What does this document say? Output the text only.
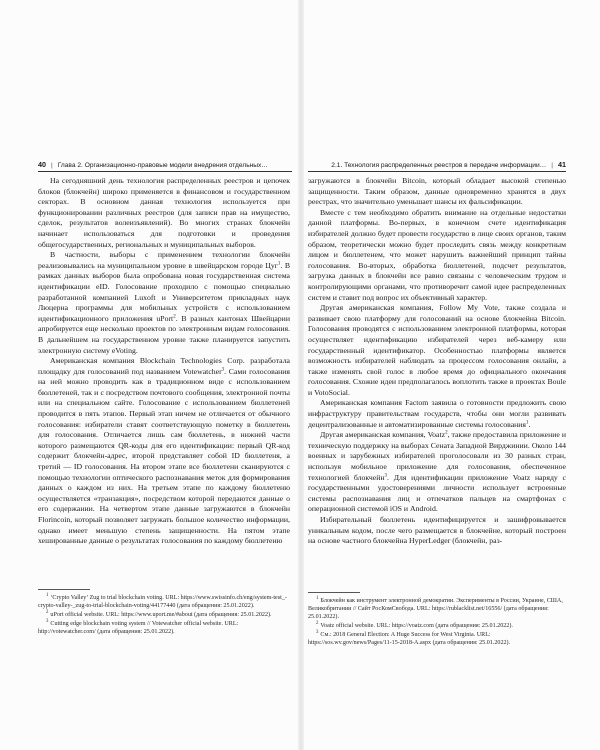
40 | Глава 2. Организационно-правовые модели внедрения отдельных…

На сегодняшний день технология распределенных реестров и цепочек блоков (блокчейн) широко применяется в финансовом и государственном секторах. В основном данная технология используется при функционировании различных реестров (для записи прав на имущество, сделок, результатов волеизъявлений). Во многих странах блокчейн начинает использоваться для подготовки и проведения общегосударственных, региональных и муниципальных выборов.

В частности, выборы с применением технологии блокчейн реализовывались на муниципальном уровне в швейцарском городе Цуг$^1$. В рамках данных выборов была опробована новая государственная система идентификации eID. Голосование проходило с помощью специально разработанной компанией Luxoft и Университетом прикладных наук Люцерна программы для мобильных устройств с использованием идентификационного приложения uPort$^2$. В разных кантонах Швейцарии апробируется еще несколько проектов по электронным видам голосования. В дальнейшем на государственном уровне также планируется запустить электронную систему eVoting.

Американская компания Blockchain Technologies Corp. разработала площадку для голосований под названием Votewatcher$^3$. Сами голосования на ней можно проводить как в традиционном виде с использованием бюллетеней, так и с посредством почтового сообщения, электронной почты или на специальном сайте. Голосование с использованием бюллетеней проводится в пять этапов. Первый этап ничем не отличается от обычного голосования: избиратели ставят соответствующую пометку в бюллетень для голосования. Отличается лишь сам бюллетень, в нижней части которого размещаются QR-коды для его идентификации: первый QR-код содержит блокчейн-адрес, второй представляет собой ID бюллетеня, а третий — ID голосования. На втором этапе все бюллетени сканируются с помощью технологии оптического распознавания меток для формирования данных о каждом из них. На третьем этапе по каждому бюллетеню осуществляется «транзакция», посредством которой передаются данные о его содержании. На четвертом этапе данные загружаются в блокчейн Florincoin, который позволяет загружать большое количество информации, однако имеет меньшую степень защищенности. На пятом этапе хешированные данные о результатах голосования по каждому бюллетеню

$^1$ ‘Crypto Valley’ Zug to trial blockchain voting. URL: https://www.swissinfo.ch/eng/system-test_-crypto-valley-_zug-to-trial-blockchain-voting/44177440 (дата обращения: 25.01.2022).
$^2$ uPort official website. URL: https://www.uport.me/#about (дата обращения: 25.01.2022).
$^3$ Cutting edge blockchain voting system // Votewatcher official website. URL: http://votewatcher.com/ (дата обращения: 25.01.2022).
2.1. Технология распределенных реестров в передаче информации… | 41

загружаются в блокчейн Bitcoin, который обладает высокой степенью защищенности. Таким образом, данные одновременно хранятся в двух реестрах, что значительно уменьшает шансы их фальсификации.

Вместе с тем необходимо обратить внимание на отдельные недостатки данной платформы. Во-первых, в конечном счете идентификация избирателей должно будет провести государство в лице своих органов, таким образом, теоретически можно будет проследить связь между конкретным лицом и бюллетенем, что может нарушить важнейший принцип тайны голосования. Во-вторых, обработка бюллетеней, подсчет результатов, загрузка данных в блокчейн все равно связаны с человеческим трудом и контролирующими органами, что противоречит самой идее распределенных систем и ставит под вопрос их объективный характер.

Другая американская компания, Follow My Vote, также создала и развивает свою платформу для голосований на основе блокчейна Bitcoin. Голосования проводятся с использованием электронной платформы, которая осуществляет идентификацию избирателей через веб-камеру или государственный идентификатор. Особенностью платформы является возможность избирателей наблюдать за процессом голосования онлайн, а также изменять свой голос в любое время до официального окончания голосования. Схожие идеи предполагалось воплотить также в проектах Boule и VotoSocial.

Американская компания Factom заявила о готовности предложить свою инфраструктуру правительствам государств, чтобы они могли развивать децентрализованные и автоматизированные системы голосования$^1$.

Другая американская компания, Voatz$^2$, также предоставила приложение и техническую поддержку на выборах Сената Западной Вирджинии. Около 144 военных и зарубежных избирателей проголосовали из 30 разных стран, используя мобильное приложение для голосования, обеспеченное технологией блокчейн$^3$. Для идентификации приложение Voatz наряду с государственными удостоверениями личности использует встроенные системы распознавания лиц и отпечатков пальцев на смартфонах с операционной системой iOS и Android.

Избирательный бюллетень идентифицируется и зашифровывается уникальным кодом, после чего размещается в блокчейне, который построен на основе частного блокчейна HyperLedger (блокчейн, раз-

$^1$ Блокчейн как инструмент электронной демократии. Эксперименты в России, Украине, США, Великобритании // Сайт РосКомСвобода. URL: https://rublacklist.net/16556/ (дата обращения: 25.01.2022).
$^2$ Voatz official website. URL: https://voatz.com (дата обращения: 25.01.2022).
$^3$ См.: 2018 General Election: A Huge Success for West Virginia. URL: https://sos.wv.gov/news/Pages/11-15-2018-A.aspx (дата обращения: 25.01.2022).
